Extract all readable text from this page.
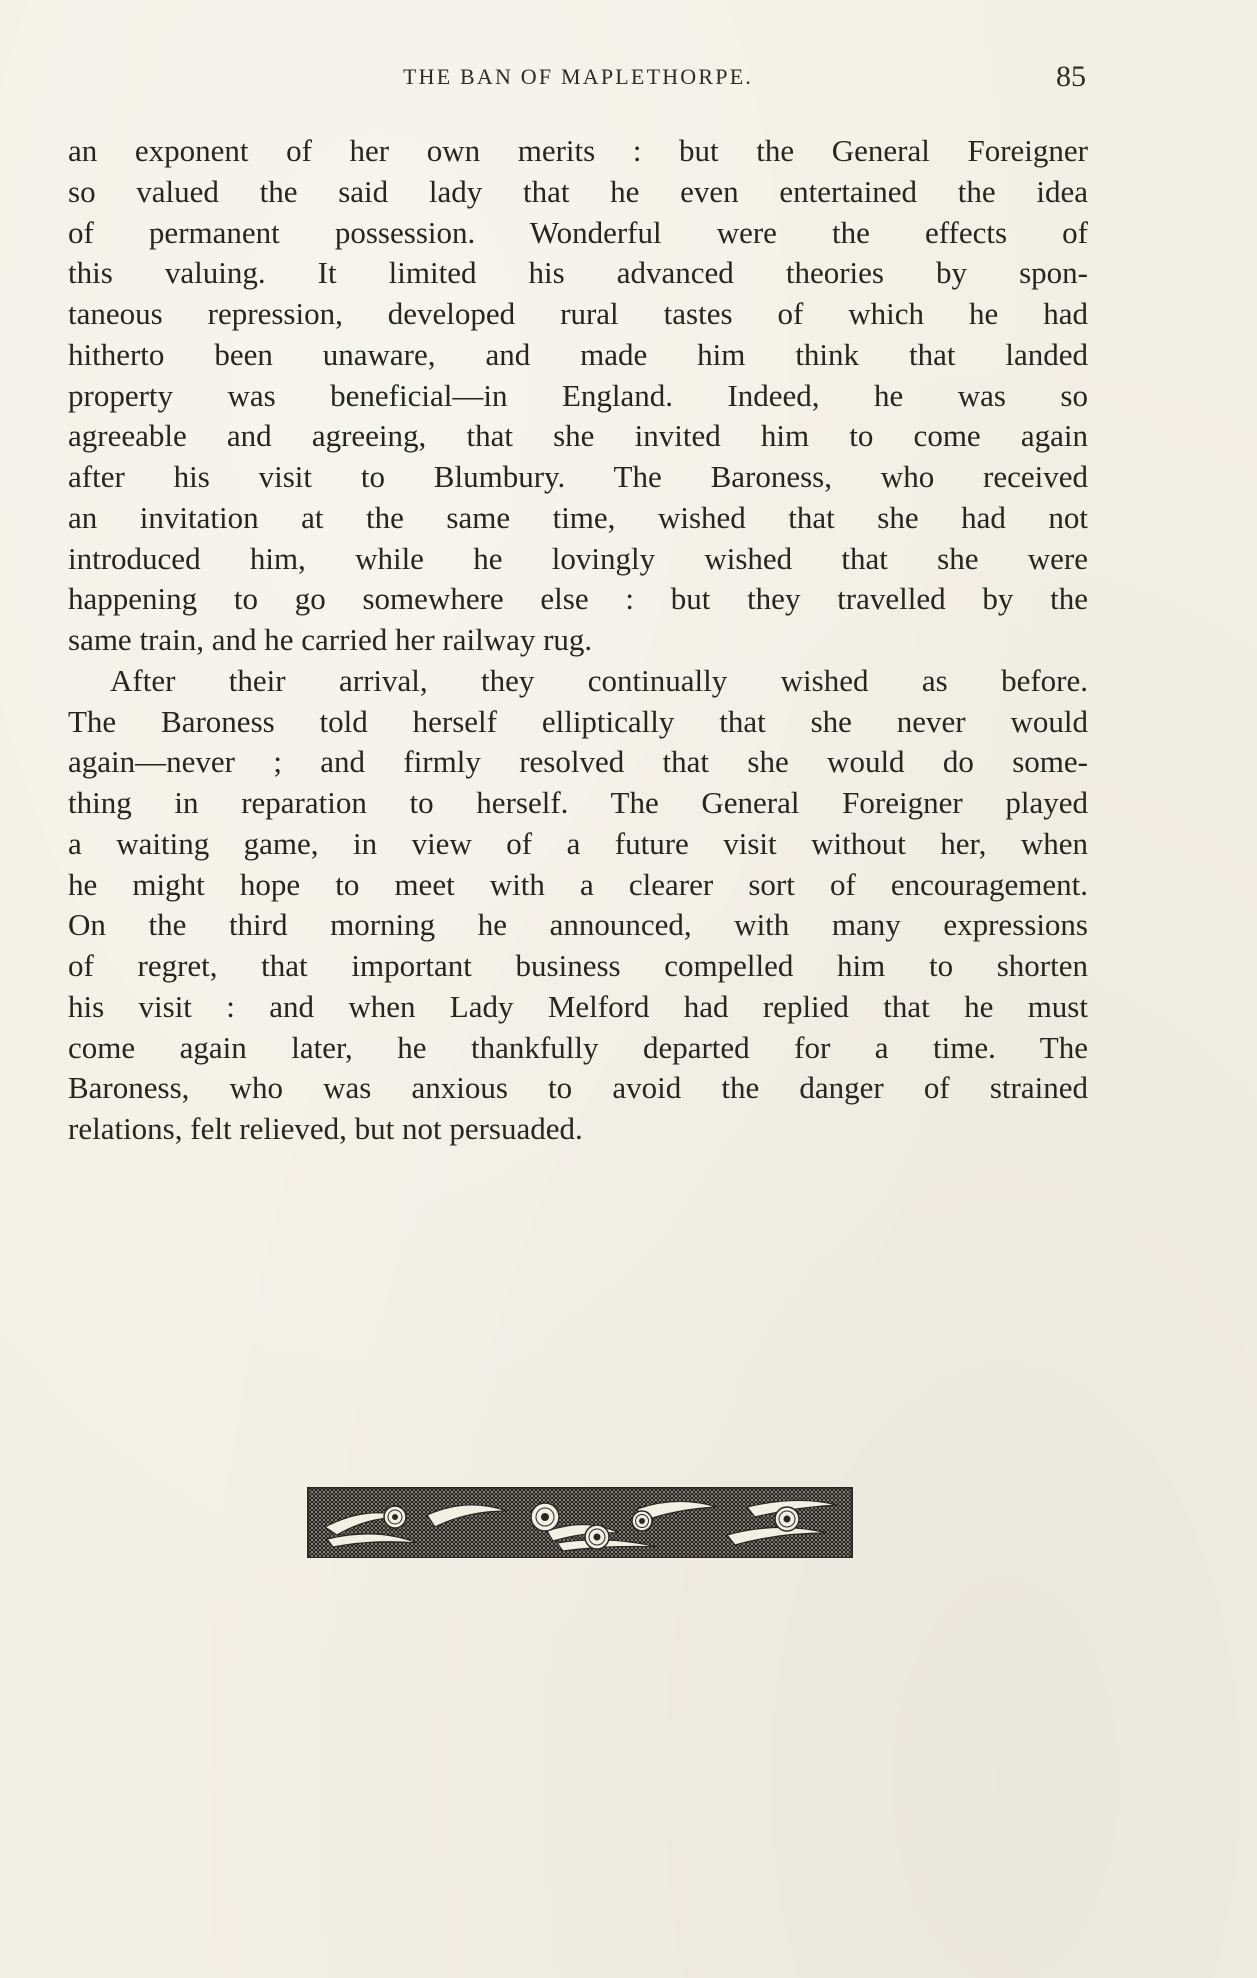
THE BAN OF MAPLETHORPE.	85
an exponent of her own merits : but the General Foreigner
so valued the said lady that he even entertained the idea
of permanent possession. Wonderful were the effects of
this valuing. It limited his advanced theories by spon-
taneous repression, developed rural tastes of which he had
hitherto been unaware, and made him think that landed
property was beneficial—in England. Indeed, he was so
agreeable and agreeing, that she invited him to come again
after his visit to Blumbury. The Baroness, who received
an invitation at the same time, wished that she had not
introduced him, while he lovingly wished that she were
happening to go somewhere else : but they travelled by the
same train, and he carried her railway rug.
After their arrival, they continually wished as before.
The Baroness told herself elliptically that she never would
again—never ; and firmly resolved that she would do some-
thing in reparation to herself. The General Foreigner played
a waiting game, in view of a future visit without her, when
he might hope to meet with a clearer sort of encouragement.
On the third morning he announced, with many expressions
of regret, that important business compelled him to shorten
his visit : and when Lady Melford had replied that he must
come again later, he thankfully departed for a time. The
Baroness, who was anxious to avoid the danger of strained
relations, felt relieved, but not persuaded.
